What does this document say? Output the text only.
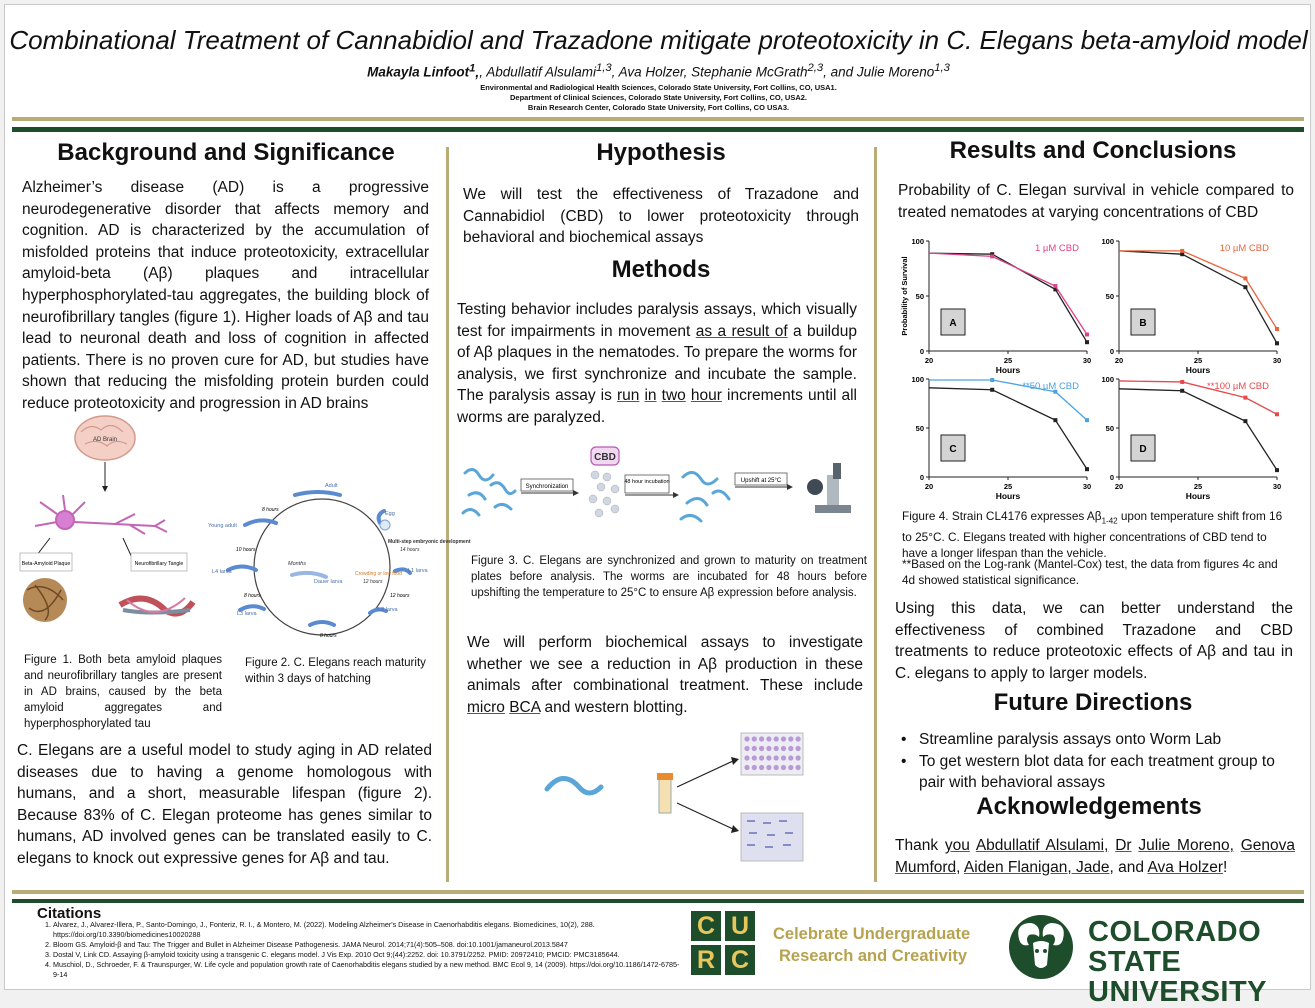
Combinational Treatment of Cannabidiol and Trazadone mitigate proteotoxicity in C. Elegans beta-amyloid model
Makayla Linfoot$^1$,, Abdullatif Alsulami$^{1,3}$, Ava Holzer, Stephanie McGrath$^{2,3}$, and Julie Moreno$^{1,3}$
Environmental and Radiological Health Sciences, Colorado State University, Fort Collins, CO, USA1.
Department of Clinical Sciences, Colorado State University, Fort Collins, CO, USA2.
Brain Research Center, Colorado State University, Fort Collins, CO USA3.
Background and Significance
Alzheimer’s disease (AD) is a progressive neurodegenerative disorder that affects memory and cognition. AD is characterized by the accumulation of misfolded proteins that induce proteotoxicity, extracellular amyloid-beta (Aβ) plaques and intracellular hyperphosphorylated-tau aggregates, the building block of neurofibrillary tangles (figure 1). Higher loads of Aβ and tau lead to neuronal death and loss of cognition in affected patients. There is no proven cure for AD, but studies have shown that reducing the misfolding protein burden could reduce proteotoxicity and progression in AD brains
AD Brain
Beta-Amyloid Plaque	Neurofibrillary Tangle
Adult
Egg
Young adult
Multi-step embryonic development
14 hours
L1 larva
L2 larva
L3 larva
L4 larva
Dauer larva
Crowding or low food
12 hours
Months
8 hours
10 hours
8 hours
8 hours
12 hours
Figure 1. Both beta amyloid plaques and neurofibrillary tangles are present in AD brains, caused by the beta amyloid aggregates and hyperphosphorylated tau
Figure 2. C. Elegans reach maturity within 3 days of hatching
C. Elegans are a useful model to study aging in AD related diseases due to having a genome homologous with humans, and a short, measurable lifespan (figure 2). Because 83% of C. Elegan proteome has genes similar to humans, AD involved genes can be translated easily to C. elegans to knock out expressive genes for Aβ and tau.
Hypothesis
We will test the effectiveness of Trazadone and Cannabidiol (CBD) to lower proteotoxicity through behavioral and biochemical assays
Methods
Testing behavior includes paralysis assays, which visually test for impairments in movement as a result of a buildup of Aβ plaques in the nematodes. To prepare the worms for analysis, we first synchronize and incubate the sample. The paralysis assay is run in two hour increments until all worms are paralyzed.
Synchronization
CBD
48 hour incubation	Upshift at 25°C
Figure 3. C. Elegans are synchronized and grown to maturity on treatment plates before analysis. The worms are incubated for 48 hours before upshifting the temperature to 25°C to ensure Aβ expression before analysis.
We will perform biochemical assays to investigate whether we see a reduction in Aβ production in these animals after combinational treatment. These include micro BCA and western blotting.
Results and Conclusions
Probability of C. Elegan survival in vehicle compared to treated nematodes at varying concentrations of CBD
0
50
100
20	25	30
Hours
Probability of Survival
1 µM CBD
A
0
50
100
20	25	30
Hours
10 µM CBD
B
0
50
100
20	25	30
Hours
**50 µM CBD
C
0
50
100
20	25	30
Hours
**100 µM CBD
D
Figure 4. Strain CL4176 expresses $A\beta_{1-42}$ upon temperature shift from 16 to 25°C. C. Elegans treated with higher concentrations of CBD tend to have a longer lifespan than the vehicle.
**Based on the Log-rank (Mantel-Cox) test, the data from figures 4c and 4d showed statistical significance.
Using this data, we can better understand the effectiveness of combined Trazadone and CBD treatments to reduce proteotoxic effects of Aβ and tau in C. elegans to apply to larger models.
Future Directions
• Streamline paralysis assays onto Worm Lab
• To get western blot data for each treatment group to pair with behavioral assays
Acknowledgements
Thank you Abdullatif Alsulami, Dr Julie Moreno, Genova Mumford, Aiden Flanigan, Jade, and Ava Holzer!
Citations
1. Alvarez, J., Alvarez-Illera, P., Santo-Domingo, J., Fonteriz, R. I., & Montero, M. (2022). Modeling Alzheimer's Disease in Caenorhabditis elegans. Biomedicines, 10(2), 288. https://doi.org/10.3390/biomedicines10020288
2. Bloom GS. Amyloid-β and Tau: The Trigger and Bullet in Alzheimer Disease Pathogenesis. JAMA Neurol. 2014;71(4):505–508. doi:10.1001/jamaneurol.2013.5847
3. Dostal V, Link CD. Assaying β-amyloid toxicity using a transgenic C. elegans model. J Vis Exp. 2010 Oct 9;(44):2252. doi: 10.3791/2252. PMID: 20972410; PMCID: PMC3185644.
4. Muschiol, D., Schroeder, F. & Traunspurger, W. Life cycle and population growth rate of Caenorhabditis elegans studied by a new method. BMC Ecol 9, 14 (2009). https://doi.org/10.1186/1472-6785-9-14
C U
R C
Celebrate Undergraduate
Research and Creativity
COLORADO STATE
UNIVERSITY
